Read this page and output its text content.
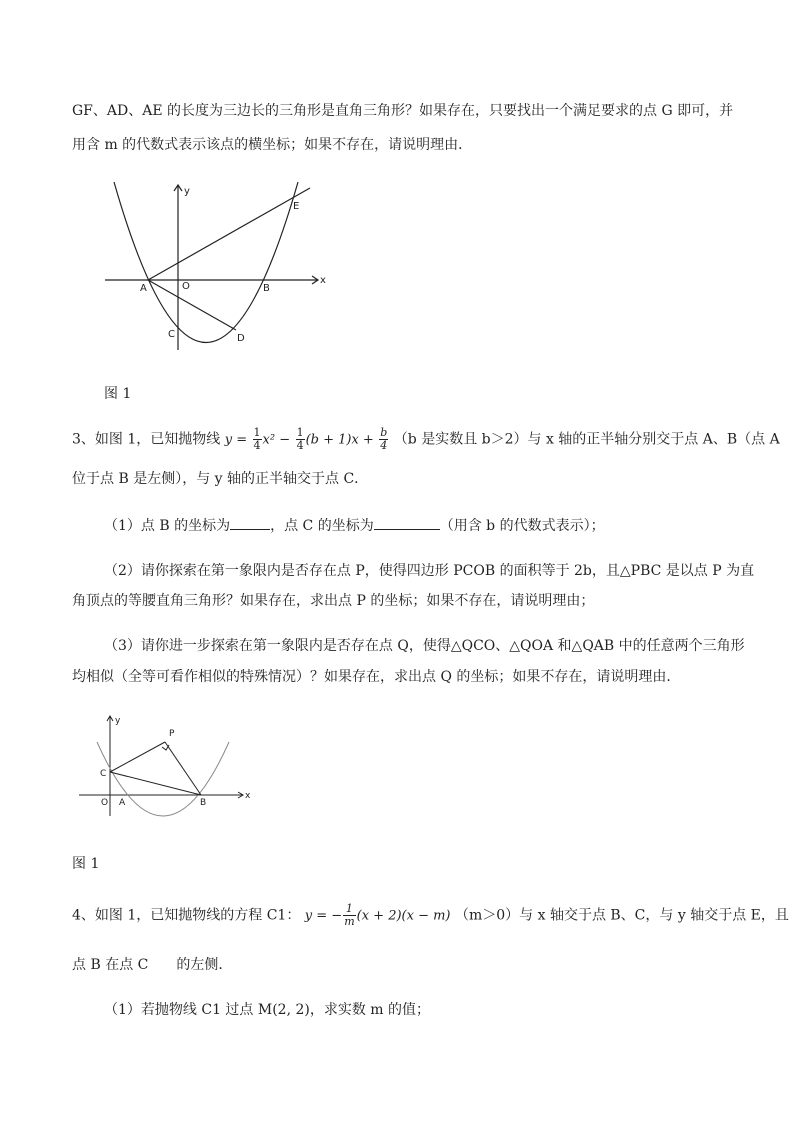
GF、AD、AE 的长度为三边长的三角形是直角三角形？如果存在，只要找出一个满足要求的点 G 即可，并
用含 m 的代数式表示该点的横坐标；如果不存在，请说明理由．
y
x
A	O	B
C	D
E
图 1
3、如图 1，已知抛物线 $y = \frac{1}{4} x^2 - \frac{1}{4} (b + 1)x + \frac{b}{4} (b$ 是实数且 b＞2）与 x 轴的正半轴分别交于点 A、B（点 A
位于点 B 是左侧），与 y 轴的正半轴交于点 C．
（1）点 B 的坐标为	，点 C 的坐标为	（用含 b 的代数式表示）；
（2）请你探索在第一象限内是否存在点 P，使得四边形 PCOB 的面积等于 2b，且△PBC 是以点 P 为直
角顶点的等腰直角三角形？如果存在，求出点 P 的坐标；如果不存在，请说明理由；
（3）请你进一步探索在第一象限内是否存在点 Q，使得△QCO、△QOA 和△QAB 中的任意两个三角形
均相似（全等可看作相似的特殊情况）？如果存在，求出点 Q 的坐标；如果不存在，请说明理由．
y
P
C
O A	B
x
图 1
4、如图 1，已知抛物线的方程 C1： y = − $\frac{1}{m} (x + 2)(x - m)$ （m＞0）与 x 轴交于点 B、C，与 y 轴交于点 E，且
点 B 在点 C　　的左侧．
（1）若抛物线 C1 过点 M(2, 2)，求实数 m 的值；
